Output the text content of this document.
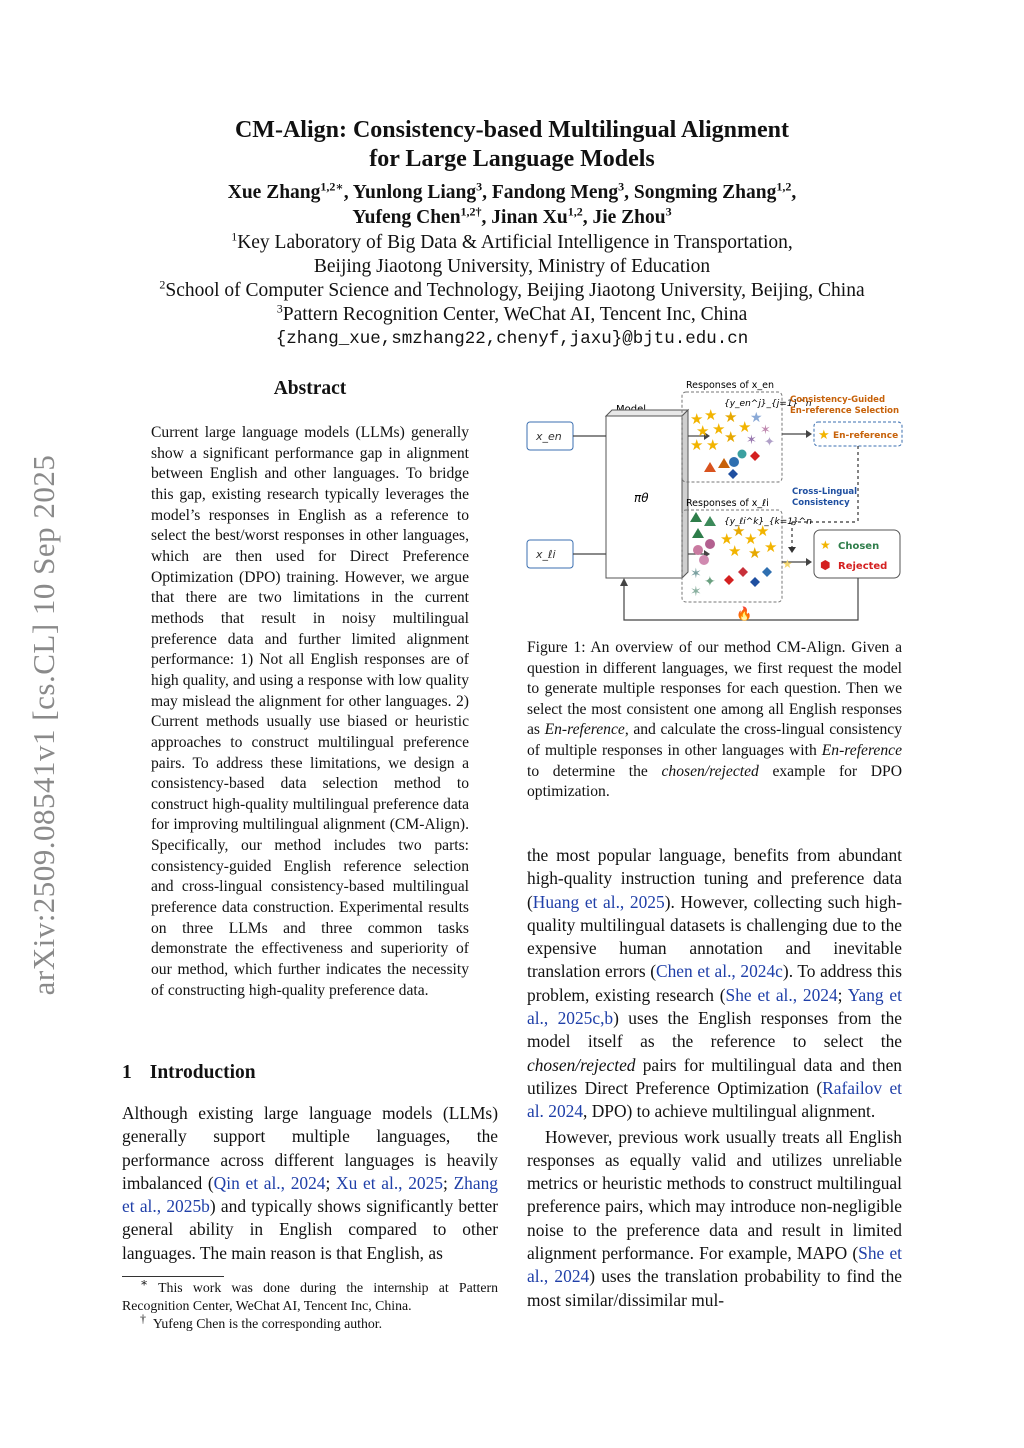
arXiv:2509.08541v1 [cs.CL] 10 Sep 2025
CM-Align: Consistency-based Multilingual Alignment
for Large Language Models
Xue Zhang$^{1,2∗}$, Yunlong Liang$^3$, Fandong Meng$^3$, Songming Zhang$^{1,2}$,
Yufeng Chen$^{1,2\dagger}$, Jinan Xu$^{1,2}$, Jie Zhou$^3$
$^1$Key Laboratory of Big Data & Artificial Intelligence in Transportation,
Beijing Jiaotong University, Ministry of Education
$^2$School of Computer Science and Technology, Beijing Jiaotong University, Beijing, China
$^3$Pattern Recognition Center, WeChat AI, Tencent Inc, China
{zhang_xue,smzhang22,chenyf,jaxu}@bjtu.edu.cn
Abstract
Current large language models (LLMs) generally show a significant performance gap in alignment between English and other languages. To bridge this gap, existing research typically leverages the model’s responses in English as a reference to select the best/worst responses in other languages, which are then used for Direct Preference Optimization (DPO) training. However, we argue that there are two limitations in the current methods that result in noisy multilingual preference data and further limited alignment performance: 1) Not all English responses are of high quality, and using a response with low quality may mislead the alignment for other languages. 2) Current methods usually use biased or heuristic approaches to construct multilingual preference pairs. To address these limitations, we design a consistency-based data selection method to construct high-quality multilingual preference data for improving multilingual alignment (CM-Align). Specifically, our method includes two parts: consistency-guided English reference selection and cross-lingual consistency-based multilingual preference data construction. Experimental results on three LLMs and three common tasks demonstrate the effectiveness and superiority of our method, which further indicates the necessity of constructing high-quality preference data.
1 Introduction
Although existing large language models (LLMs) generally support multiple languages, the performance across different languages is heavily imbalanced (Qin et al., 2024; Xu et al., 2025; Zhang et al., 2025b) and typically shows significantly better general ability in English compared to other languages. The main reason is that English, as

∗ This work was done during the internship at Pattern Recognition Center, WeChat AI, Tencent Inc, China.

† Yufeng Chen is the corresponding author.

πθ
x_en
x_ℓi
Responses of x_en
{y_en^j}_{j=1}^n
★ ★
★ ★
★
★ ★ ★
★
★
✶
✶ ✦
Consistency-Guided
En-reference Selection
★ En-reference
Cross-Lingual
Consistency
Responses of x_ℓi
{y_ℓi^k}_{k=1}^n
★
★
★
★
★ ★ ★
✶ ✦
✶
★
★ Chosen
⬢ Rejected
🔥
Figure 1: An overview of our method CM-Align. Given a question in different languages, we first request the model to generate multiple responses for each question. Then we select the most consistent one among all English responses as En-reference, and calculate the cross-lingual consistency of multiple responses in other languages with En-reference to determine the chosen/rejected example for DPO optimization.

the most popular language, benefits from abundant high-quality instruction tuning and preference data (Huang et al., 2025). However, collecting such high-quality multilingual datasets is challenging due to the expensive human annotation and inevitable translation errors (Chen et al., 2024c). To address this problem, existing research (She et al., 2024; Yang et al., 2025c,b) uses the English responses from the model itself as the reference to select the chosen/rejected pairs for multilingual data and then utilizes Direct Preference Optimization (Rafailov et al. 2024, DPO) to achieve multilingual alignment.

However, previous work usually treats all English responses as equally valid and utilizes unreliable metrics or heuristic methods to construct multilingual preference pairs, which may introduce non-negligible noise to the preference data and result in limited alignment performance. For example, MAPO (She et al., 2024) uses the translation probability to find the most similar/dissimilar mul-
